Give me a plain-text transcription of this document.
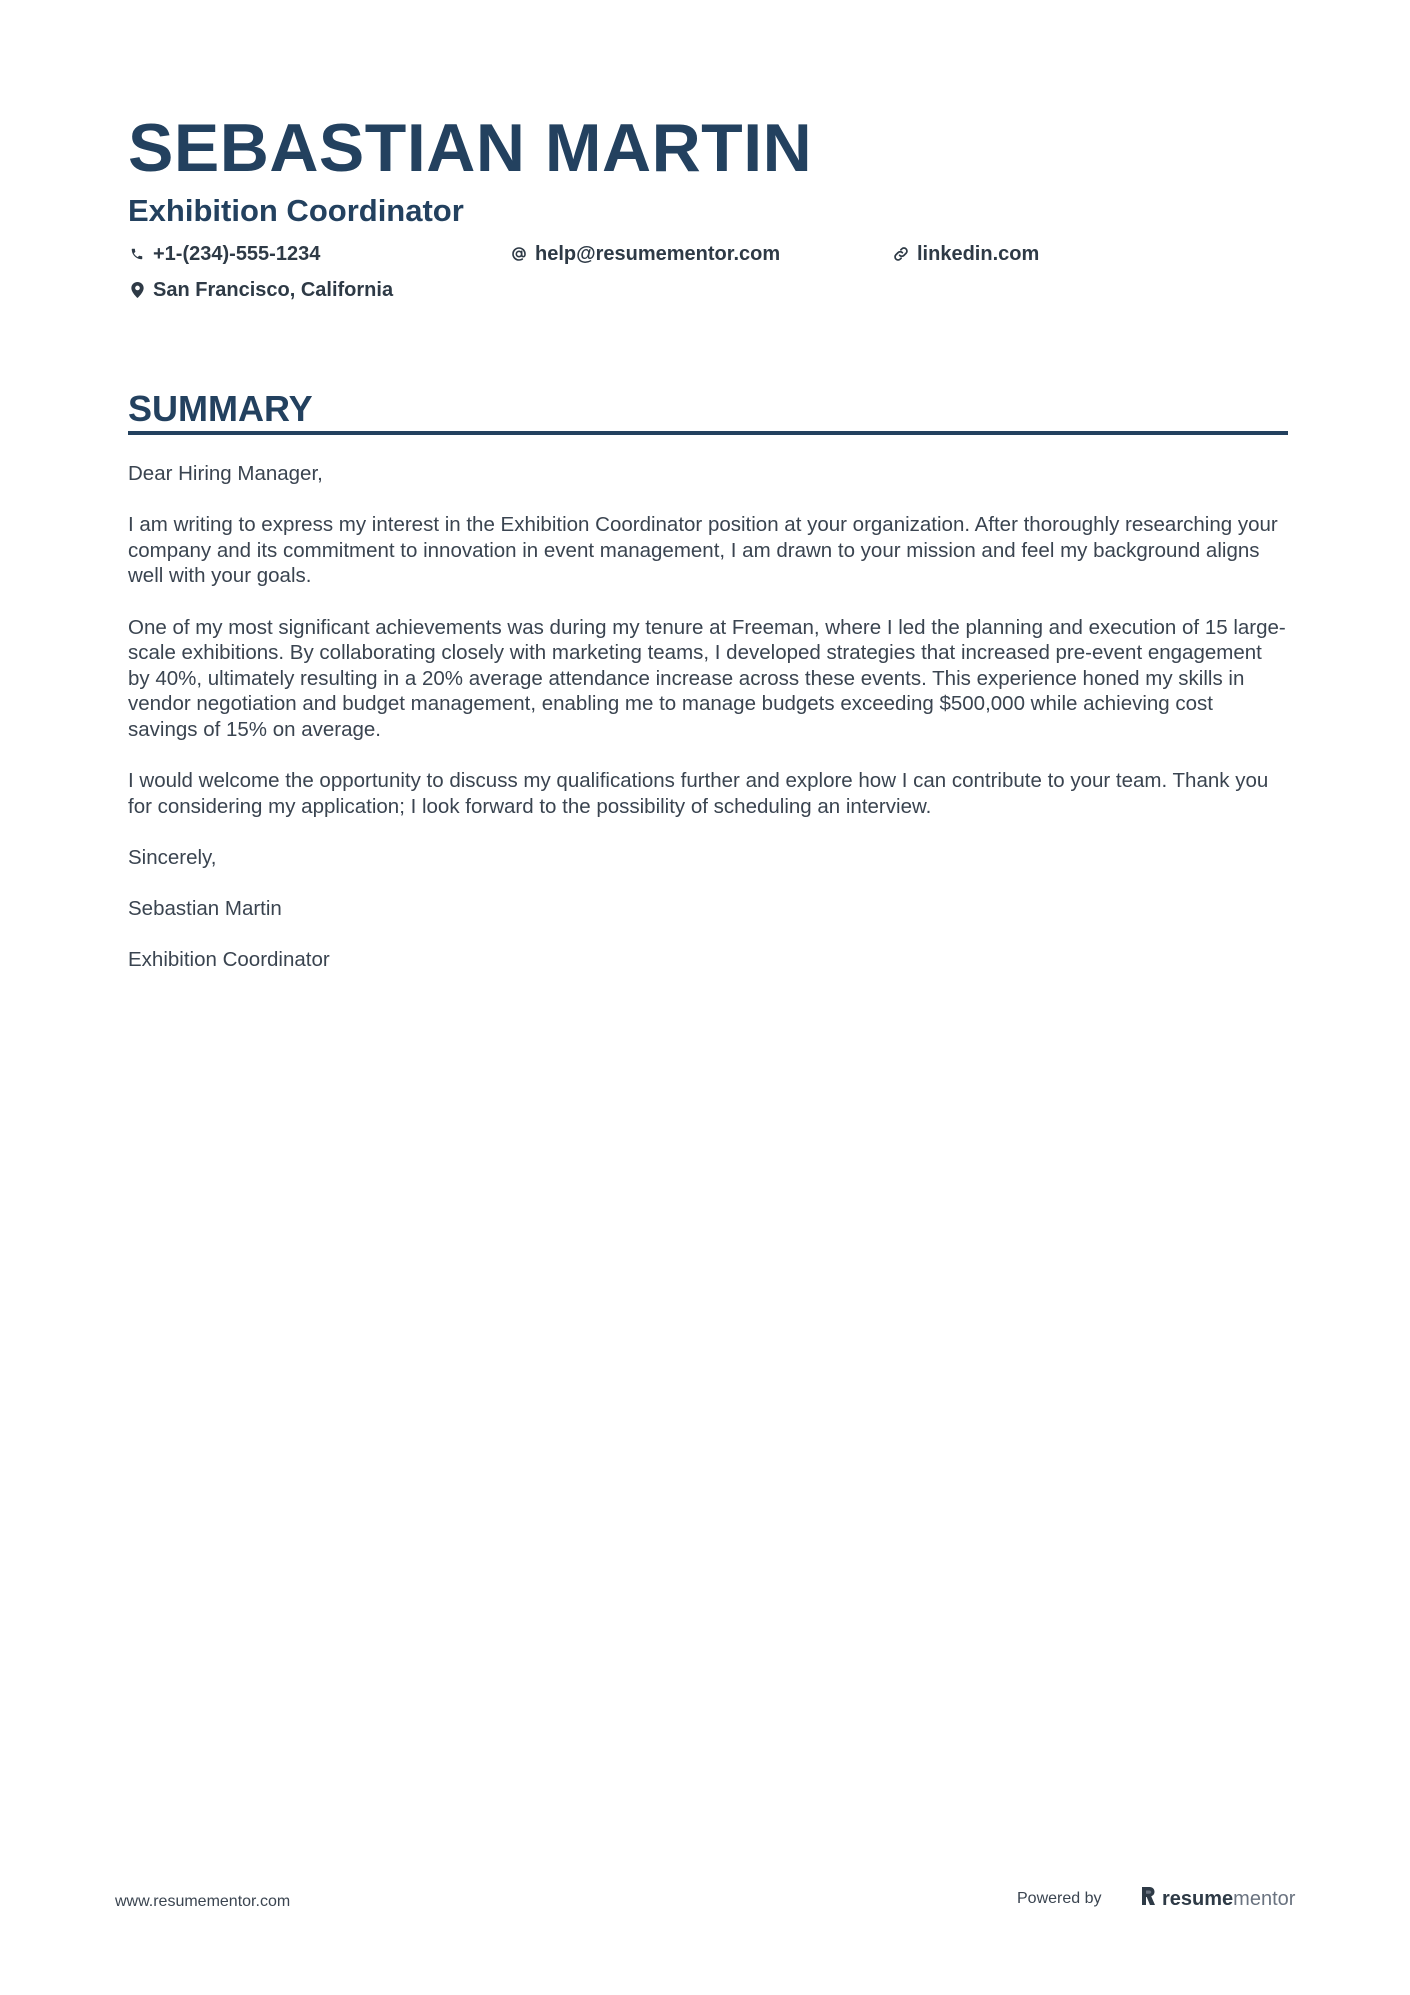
SEBASTIAN MARTIN
Exhibition Coordinator
+1-(234)-555-1234	help@resumementor.com	linkedin.com
San Francisco, California
SUMMARY

Dear Hiring Manager,

I am writing to express my interest in the Exhibition Coordinator position at your organization. After thoroughly researching your company and its commitment to innovation in event management, I am drawn to your mission and feel my background aligns well with your goals.

One of my most significant achievements was during my tenure at Freeman, where I led the planning and execution of 15 large-scale exhibitions. By collaborating closely with marketing teams, I developed strategies that increased pre-event engagement by 40%, ultimately resulting in a 20% average attendance increase across these events. This experience honed my skills in vendor negotiation and budget management, enabling me to manage budgets exceeding $500,000 while achieving cost savings of 15% on average.

I would welcome the opportunity to discuss my qualifications further and explore how I can contribute to your team. Thank you for considering my application; I look forward to the possibility of scheduling an interview.

Sincerely,

Sebastian Martin

Exhibition Coordinator

www.resumementor.com	Powered by	resumementor
